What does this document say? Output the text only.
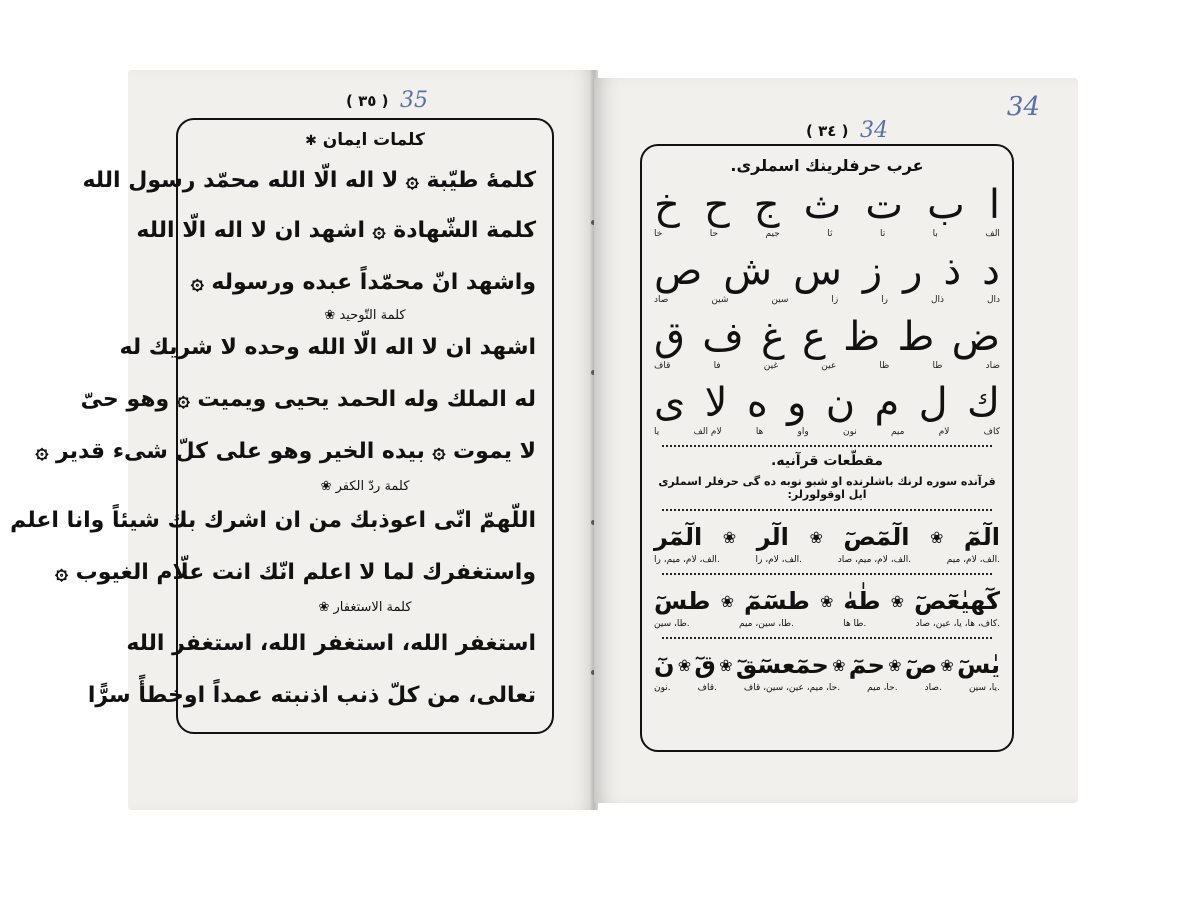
( ٣٥ ) 35
كلمات ايمان ✱
كلمهٔ طيّبة ۞ لا اله الّا الله محمّد رسول الله
كلمة الشّهادة ۞ اشهد ان لا اله الّا الله
واشهد انّ محمّداً عبده ورسوله ۞
كلمة التّوحيد ❀
اشهد ان لا اله الّا الله وحده لا شريك له
له الملك وله الحمد يحيى ويميت ۞ وهو حىّ
لا يموت ۞ بيده الخير وهو على كلّ شىء قدير ۞
كلمة ردّ الكفر ❀
اللّهمّ انّى اعوذبك من ان اشرك بك شيئاً وانا اعلم
واستغفرك لما لا اعلم انّك انت علّام الغيوب ۞
كلمة الاستغفار ❀
استغفر الله، استغفر الله، استغفر الله
تعالى، من كلّ ذنب اذنبته عمداً اوخطأً سرًّا
34
( ٣٤ ) 34
عرب حرفلرينك اسملرى.
ا
ب
ت
ث
ج
ح
خ
الف
با
تا
ثا
جيم
حا
خا
د
ذ
ر
ز
س
ش
ص
دال
ذال
را
زا
سين
شين
صاد
ض
ط
ظ
ع
غ
ف
ق
ضاد
طا
ظا
عين
غين
فا
قاف
ك
ل
م
ن
و
ه
لا
ى
كاف
لام
ميم
نون
واو
ها
لام الف
يا
مقطّعات قرآنيه.
قرآنده سوره لرنك باشلرنده او شبو نوبه ده گى حرفلر اسملرى ايل اوقولورلر:
الٓمٓ
❀
الٓمٓصٓ
❀
الٓر
❀
الٓمٓر
الف، لام، ميم.
الف، لام، ميم، صاد.
الف، لام، را.
الف، لام، ميم، را.
كٓهيٰعٓصٓ
❀
طٰهٰ
❀
طسٓمٓ
❀
طسٓ
كاف، ها، يا، عين، صاد.
طا ها.
طا، سين، ميم.
طا، سين.
يٰسٓ
❀
صٓ
❀
حمٓ
❀
حمٓعسٓقٓ
❀
قٓ
❀
نٓ
يا، سين.
صاد.
حا، ميم.
حا، ميم، عين، سين، قاف.
قاف.
نون.
